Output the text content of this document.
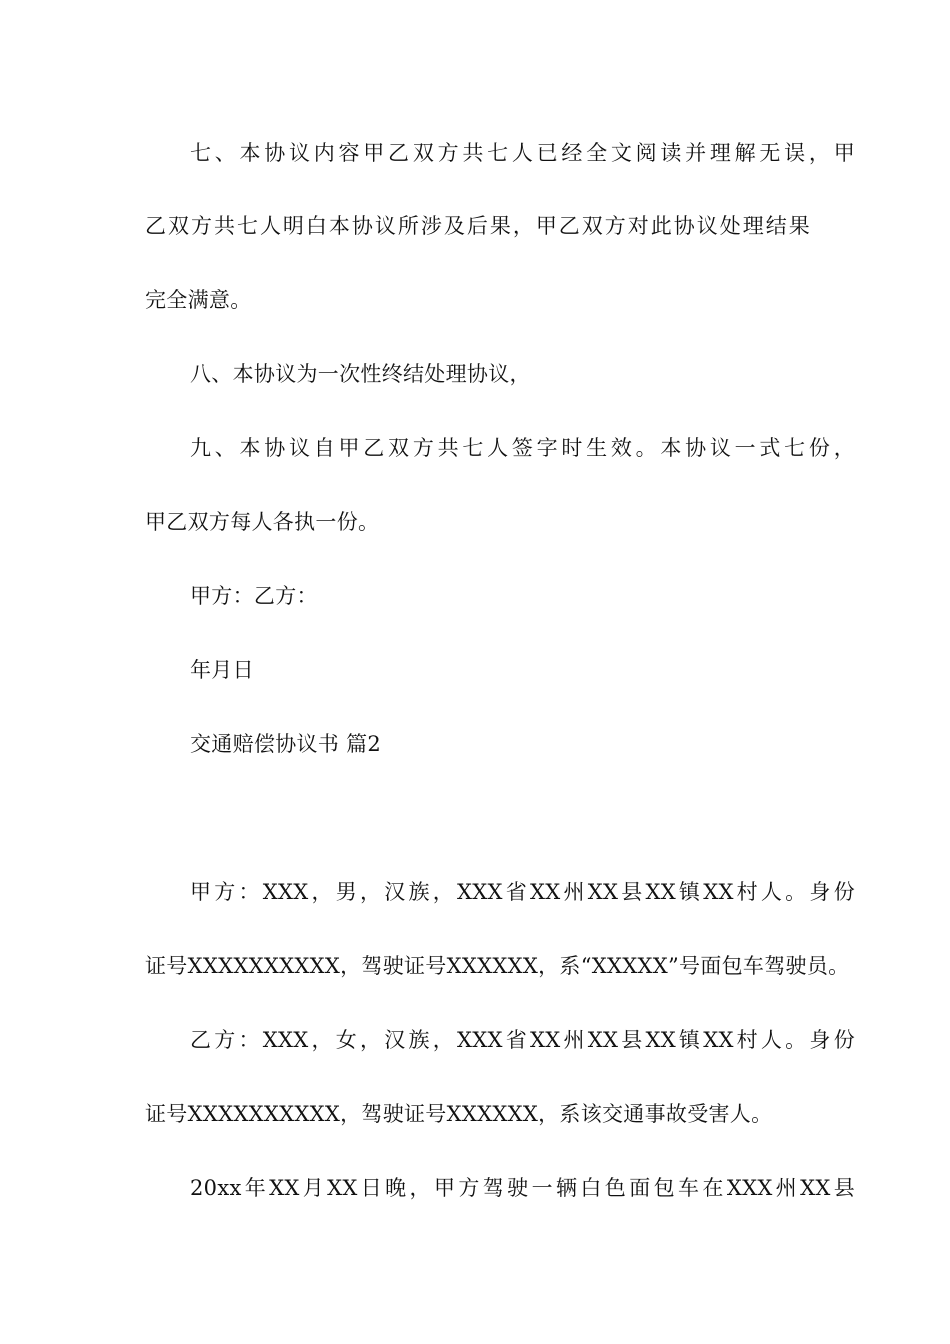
七、本协议内容甲乙双方共七人已经全文阅读并理解无误，甲
乙双方共七人明白本协议所涉及后果，甲乙双方对此协议处理结果
完全满意。
八、本协议为一次性终结处理协议，
九、本协议自甲乙双方共七人签字时生效。本协议一式七份，
甲乙双方每人各执一份。
甲方：乙方：
年月日
交通赔偿协议书 篇2
甲方：XXX，男，汉族，XXX省XX州XX县XX镇XX村人。身份
证号XXXXXXXXXX，驾驶证号XXXXXX，系“XXXXX”号面包车驾驶员。
乙方：XXX，女，汉族，XXX省XX州XX县XX镇XX村人。身份
证号XXXXXXXXXX，驾驶证号XXXXXX，系该交通事故受害人。
20xx年XX月XX日晚，甲方驾驶一辆白色面包车在XXX州XX县
